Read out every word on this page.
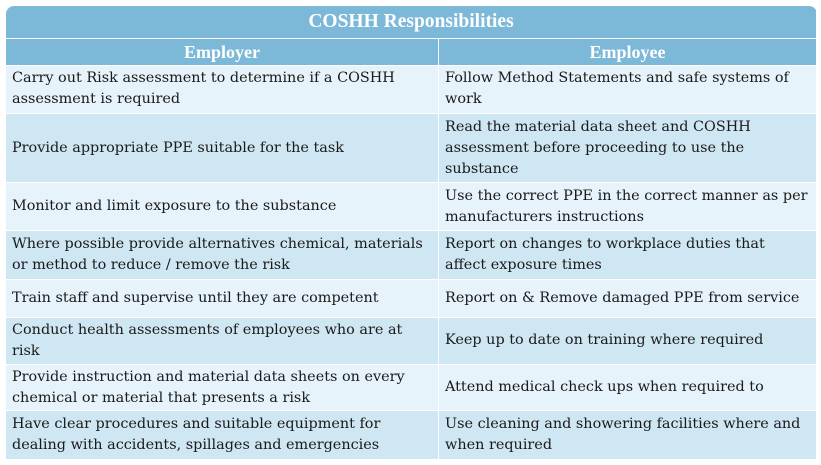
COSHH Responsibilities	
Employer	Employee
Carry out Risk assessment to determine if a COSHH assessment is required	Follow Method Statements and safe systems of work
Provide appropriate PPE suitable for the task	Read the material data sheet and COSHH assessment before proceeding to use the substance
Monitor and limit exposure to the substance	Use the correct PPE in the correct manner as per manufacturers instructions
Where possible provide alternatives chemical, materials or method to reduce / remove the risk	Report on changes to workplace duties that affect exposure times
Train staff and supervise until they are competent	Report on & Remove damaged PPE from service
Conduct health assessments of employees who are at risk	Keep up to date on training where required
Provide instruction and material data sheets on every chemical or material that presents a risk	Attend medical check ups when required to
Have clear procedures and suitable equipment for dealing with accidents, spillages and emergencies	Use cleaning and showering facilities where and when required
